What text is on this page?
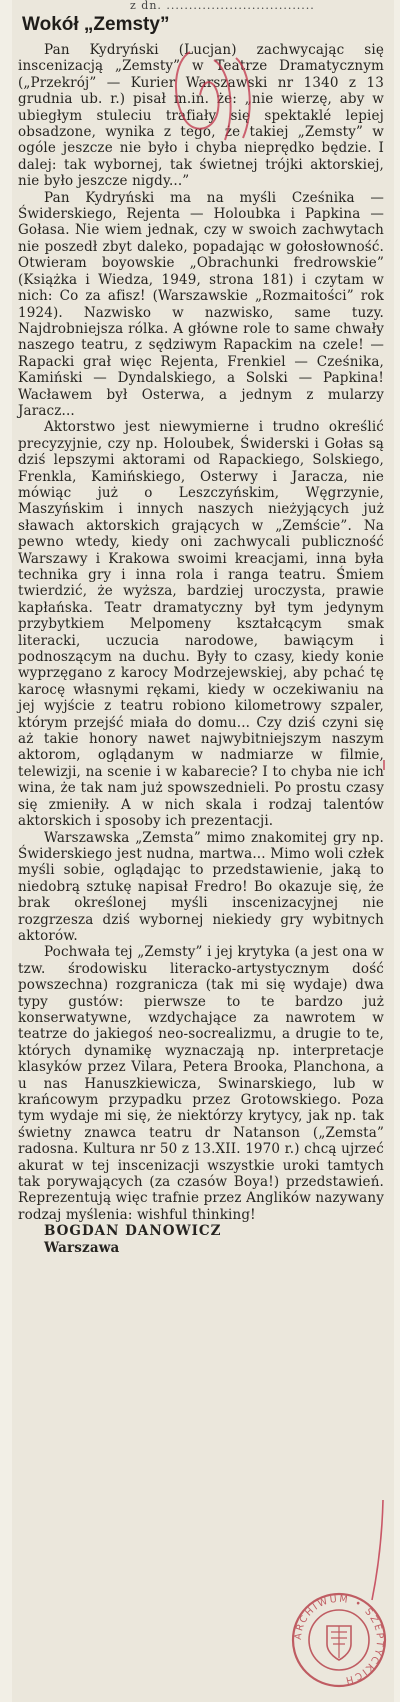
z dn. .................................
Wokół „Zemsty”

Pan Kydryński (Lucjan) zachwycając się inscenizacją „Zemsty” w Teatrze Dramatycznym („Przekrój” — Kurier Warszawski nr 1340 z 13 grudnia ub. r.) pisał m.in. że: „nie wierzę, aby w ubiegłym stuleciu trafiały się spektaklé lepiej obsadzone, wynika z tego, że takiej „Zemsty” w ogóle jeszcze nie było i chyba nieprędko będzie. I dalej: tak wybornej, tak świetnej trójki aktorskiej, nie było jeszcze nigdy...”

Pan Kydryński ma na myśli Cześnika — Świderskiego, Rejenta — Holoubka i Papkina — Gołasa. Nie wiem jednak, czy w swoich zachwytach nie poszedł zbyt daleko, popadając w gołosłowność. Otwieram boyowskie „Obrachunki fredrowskie” (Książka i Wiedza, 1949, strona 181) i czytam w nich: Co za afisz! (Warszawskie „Rozmaitości” rok 1924). Nazwisko w nazwisko, same tuzy. Najdrobniejsza rólka. A główne role to same chwały naszego teatru, z sędziwym Rapackim na czele! — Rapacki grał więc Rejenta, Frenkiel — Cześnika, Kamiński — Dyndalskiego, a Solski — Papkina! Wacławem był Osterwa, a jednym z mularzy Jaracz...

Aktorstwo jest niewymierne i trudno określić precyzyjnie, czy np. Holoubek, Świderski i Gołas są dziś lepszymi aktorami od Rapackiego, Solskiego, Frenkla, Kamińskiego, Osterwy i Jaracza, nie mówiąc już o Leszczyńskim, Węgrzynie, Maszyńskim i innych naszych nieżyjących już sławach aktorskich grających w „Zemście”. Na pewno wtedy, kiedy oni zachwycali publiczność Warszawy i Krakowa swoimi kreacjami, inna była technika gry i inna rola i ranga teatru. Śmiem twierdzić, że wyższa, bardziej uroczysta, prawie kapłańska. Teatr dramatyczny był tym jedynym przybytkiem Melpomeny kształcącym smak literacki, uczucia narodowe, bawiącym i podnoszącym na duchu. Były to czasy, kiedy konie wyprzęgano z karocy Modrzejewskiej, aby pchać tę karocę własnymi rękami, kiedy w oczekiwaniu na jej wyjście z teatru robiono kilometrowy szpaler, którym przejść miała do domu... Czy dziś czyni się aż takie honory nawet najwybitniejszym naszym aktorom, oglądanym w nadmiarze w filmie, telewizji, na scenie i w kabarecie? I to chyba nie ich wina, że tak nam już spowszednieli. Po prostu czasy się zmieniły. A w nich skala i rodzaj talentów aktorskich i sposoby ich prezentacji.

Warszawska „Zemsta” mimo znakomitej gry np. Świderskiego jest nudna, martwa... Mimo woli człek myśli sobie, oglądając to przedstawienie, jaką to niedobrą sztukę napisał Fredro! Bo okazuje się, że brak określonej myśli inscenizacyjnej nie rozgrzesza dziś wybornej niekiedy gry wybitnych aktorów.

Pochwała tej „Zemsty” i jej krytyka (a jest ona w tzw. środowisku literacko-artystycznym dość powszechna) rozgranicza (tak mi się wydaje) dwa typy gustów: pierwsze to te bardzo już konserwatywne, wzdychające za nawrotem w teatrze do jakiegoś neo-socrealizmu, a drugie to te, których dynamikę wyznaczają np. interpretacje klasyków przez Vilara, Petera Brooka, Planchona, a u nas Hanuszkiewicza, Swinarskiego, lub w krańcowym przypadku przez Grotowskiego. Poza tym wydaje mi się, że niektórzy krytycy, jak np. tak świetny znawca teatru dr Natanson („Zemsta” radosna. Kultura nr 50 z 13.XII. 1970 r.) chcą ujrzeć akurat w tej inscenizacji wszystkie uroki tamtych tak porywających (za czasów Boya!) przedstawień. Reprezentują więc trafnie przez Anglików nazywany rodzaj myślenia: wishful thinking!

BOGDAN DANOWICZ

Warszawa

ARCHIWUM • SZEPTYCKICH
